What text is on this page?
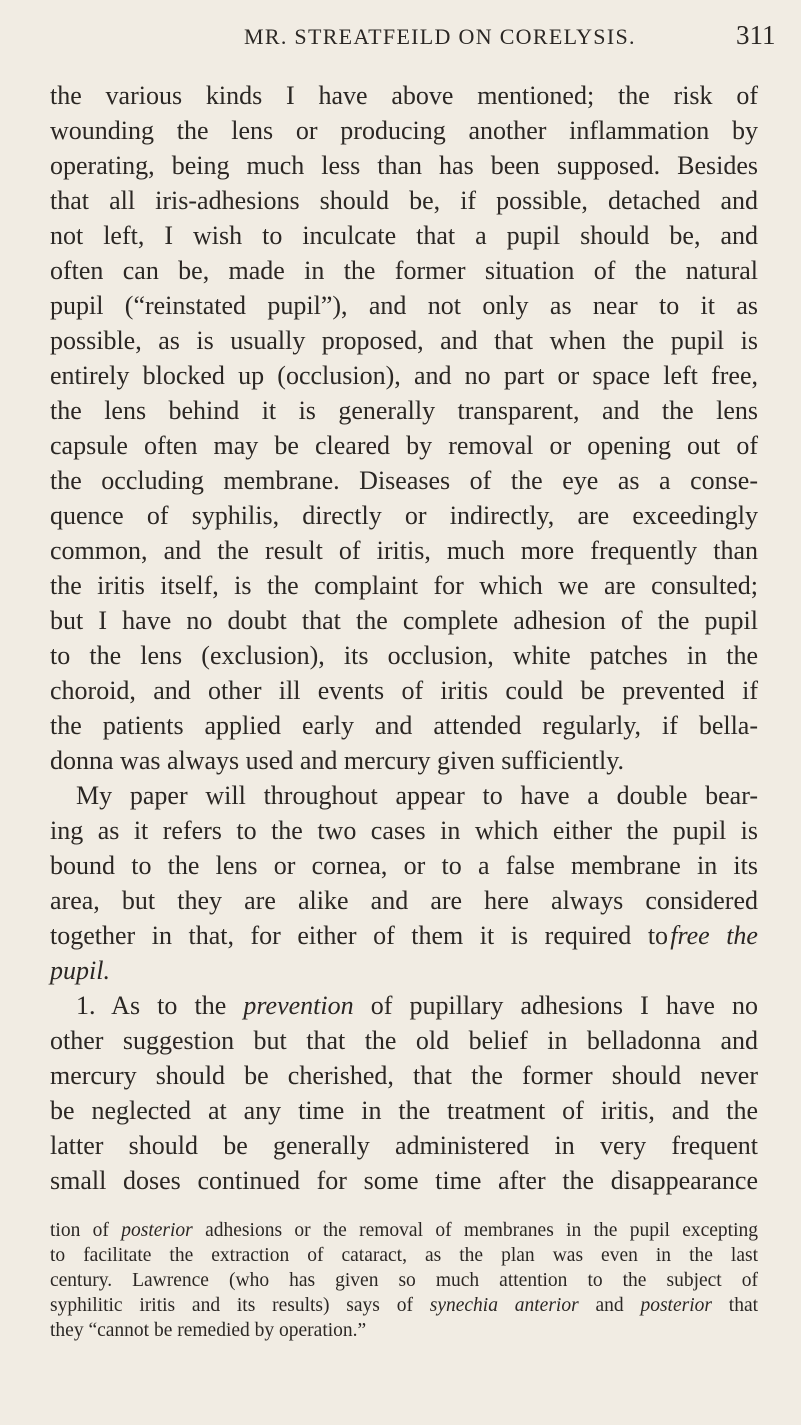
MR. STREATFEILD ON CORELYSIS.	311
the various kinds I have above mentioned; the risk of
wounding the lens or producing another inflammation by
operating, being much less than has been supposed. Besides
that all iris-adhesions should be, if possible, detached and
not left, I wish to inculcate that a pupil should be, and
often can be, made in the former situation of the natural
pupil (“reinstated pupil”), and not only as near to it as
possible, as is usually proposed, and that when the pupil is
entirely blocked up (occlusion), and no part or space left free,
the lens behind it is generally transparent, and the lens
capsule often may be cleared by removal or opening out of
the occluding membrane. Diseases of the eye as a conse-
quence of syphilis, directly or indirectly, are exceedingly
common, and the result of iritis, much more frequently than
the iritis itself, is the complaint for which we are consulted;
but I have no doubt that the complete adhesion of the pupil
to the lens (exclusion), its occlusion, white patches in the
choroid, and other ill events of iritis could be prevented if
the patients applied early and attended regularly, if bella-
donna was always used and mercury given sufficiently.
My paper will throughout appear to have a double bear-
ing as it refers to the two cases in which either the pupil is
bound to the lens or cornea, or to a false membrane in its
area, but they are alike and are here always considered
together in that, for either of them it is required to free the
pupil.
1. As to the prevention of pupillary adhesions I have no
other suggestion but that the old belief in belladonna and
mercury should be cherished, that the former should never
be neglected at any time in the treatment of iritis, and the
latter should be generally administered in very frequent
small doses continued for some time after the disappearance
tion of posterior adhesions or the removal of membranes in the pupil excepting
to facilitate the extraction of cataract, as the plan was even in the last
century. Lawrence (who has given so much attention to the subject of
syphilitic iritis and its results) says of synechia anterior and posterior that
they “cannot be remedied by operation.”
